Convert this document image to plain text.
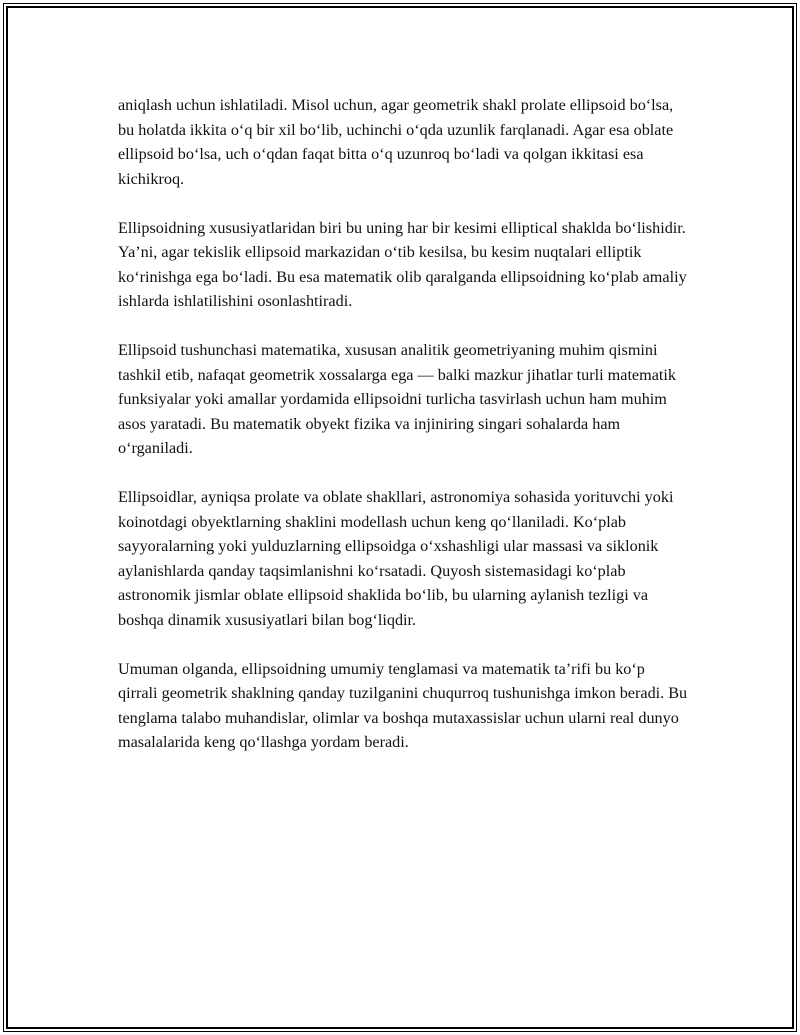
aniqlash uchun ishlatiladi. Misol uchun, agar geometrik shakl prolate ellipsoid bo‘lsa, bu holatda ikkita o‘q bir xil bo‘lib, uchinchi o‘qda uzunlik farqlanadi. Agar esa oblate ellipsoid bo‘lsa, uch o‘qdan faqat bitta o‘q uzunroq bo‘ladi va qolgan ikkitasi esa kichikroq.

Ellipsoidning xususiyatlaridan biri bu uning har bir kesimi elliptical shaklda bo‘lishidir. Ya’ni, agar tekislik ellipsoid markazidan o‘tib kesilsa, bu kesim nuqtalari elliptik ko‘rinishga ega bo‘ladi. Bu esa matematik olib qaralganda ellipsoidning ko‘plab amaliy ishlarda ishlatilishini osonlashtiradi.

Ellipsoid tushunchasi matematika, xususan analitik geometriyaning muhim qismini tashkil etib, nafaqat geometrik xossalarga ega — balki mazkur jihatlar turli matematik funksiyalar yoki amallar yordamida ellipsoidni turlicha tasvirlash uchun ham muhim asos yaratadi. Bu matematik obyekt fizika va injiniring singari sohalarda ham o‘rganiladi.

Ellipsoidlar, ayniqsa prolate va oblate shakllari, astronomiya sohasida yorituvchi yoki koinotdagi obyektlarning shaklini modellash uchun keng qo‘llaniladi. Ko‘plab sayyoralarning yoki yulduzlarning ellipsoidga o‘xshashligi ular massasi va siklonik aylanishlarda qanday taqsimlanishni ko‘rsatadi. Quyosh sistemasidagi ko‘plab astronomik jismlar oblate ellipsoid shaklida bo‘lib, bu ularning aylanish tezligi va boshqa dinamik xususiyatlari bilan bog‘liqdir.

Umuman olganda, ellipsoidning umumiy tenglamasi va matematik ta’rifi bu ko‘p qirrali geometrik shaklning qanday tuzilganini chuqurroq tushunishga imkon beradi. Bu tenglama talabo muhandislar, olimlar va boshqa mutaxassislar uchun ularni real dunyo masalalarida keng qo‘llashga yordam beradi.
